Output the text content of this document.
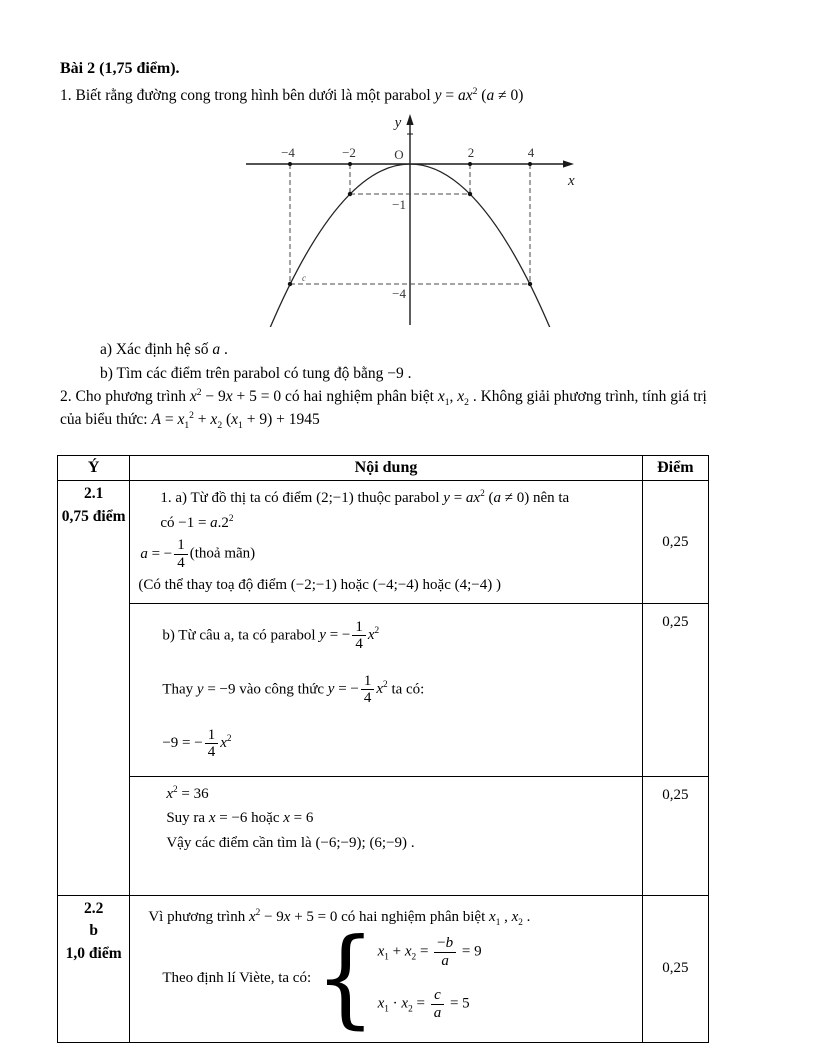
Bài 2 (1,75 điểm).
1. Biết rằng đường cong trong hình bên dưới là một parabol $y = ax^2$ (a ≠ 0)
y
x
O
−4	−2	2	4
−1
−4
c
a) Xác định hệ số a .
b) Tìm các điểm trên parabol có tung độ bằng −9 .
2. Cho phương trình $x^2 - 9x + 5 = 0$ có hai nghiệm phân biệt $x_1$, $x_2$ . Không giải phương trình, tính giá trị
của biểu thức: $A = x_1^2 + x_2$ $(x_1 + 9) + 1945$
Ý	Nội dung	Điểm

2.1
0,75 điểm

1. a) Từ đồ thị ta có điểm (2;−1) thuộc parabol $y = ax^2$ (a ≠ 0) nên ta
có $-1 = a.2^2$
a = − $\frac{1}{4}$ (thoả mãn)
(Có thể thay toạ độ điểm (−2;−1) hoặc (−4;−4) hoặc (4;−4) )
	0,25

b) Từ câu a, ta có parabol y = − $\frac{1}{4} x^2$
Thay y = −9 vào công thức y = − $\frac{1}{4} x^2$ ta có:
−9 = − $\frac{1}{4} x^2$
	0,25

	$x^2 = 36$
Suy ra x = −6 hoặc x = 6
Vậy các điểm cần tìm là (−6;−9); (6;−9) .	0,25

2.2
b
1,0 điểm

Vì phương trình $x^2 - 9x + 5 = 0$ có hai nghiệm phân biệt $x_1$ , $x_2$ .
Theo định lí Viète, ta có: { $x_1 + x_2 = \frac{-b}{a} = 9$
$x_1 \cdot x_2 = \frac{c}{a} = 5$
	0,25
